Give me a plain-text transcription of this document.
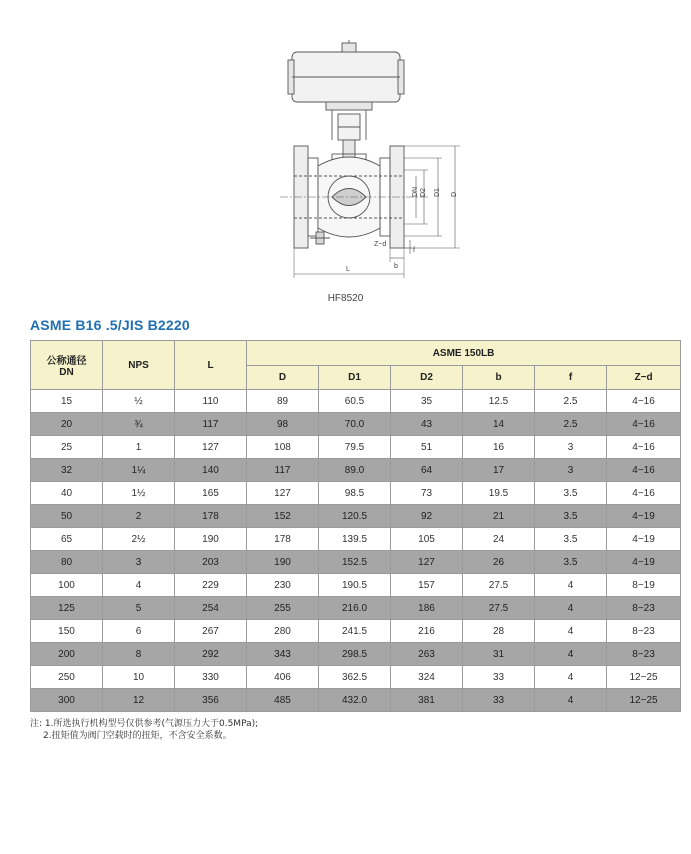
DN D2 D1 D
Z−d
b
f
L
HF8520
ASME B16 .5/JIS B2220
公称通径
DN	NPS	L	ASME 150LB					
			D	D1	D2	b	f	Z−d
15	½	110	89	60.5	35	12.5	2.5	4−16
20	¾	117	98	70.0	43	14	2.5	4−16
25	1	127	108	79.5	51	16	3	4−16
32	1¼	140	117	89.0	64	17	3	4−16
40	1½	165	127	98.5	73	19.5	3.5	4−16
50	2	178	152	120.5	92	21	3.5	4−19
65	2½	190	178	139.5	105	24	3.5	4−19
80	3	203	190	152.5	127	26	3.5	4−19
100	4	229	230	190.5	157	27.5	4	8−19
125	5	254	255	216.0	186	27.5	4	8−23
150	6	267	280	241.5	216	28	4	8−23
200	8	292	343	298.5	263	31	4	8−23
250	10	330	406	362.5	324	33	4	12−25
300	12	356	485	432.0	381	33	4	12−25
注: 1.所选执行机构型号仅供参考(气源压力大于0.5MPa);
2.扭矩值为阀门空载时的扭矩，不含安全系数。
